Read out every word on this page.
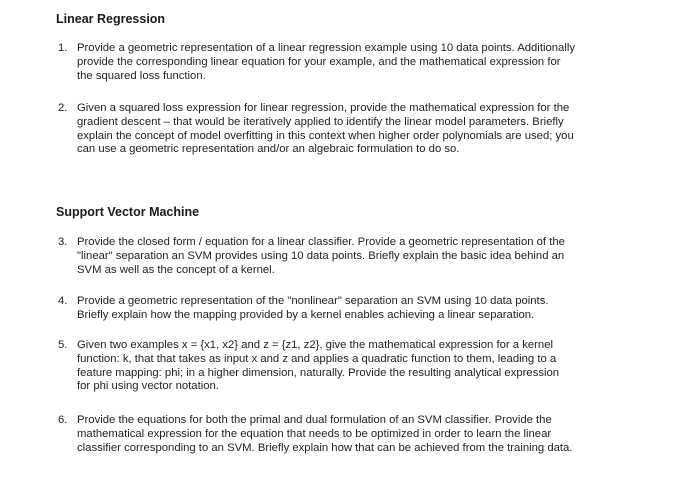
Linear Regression
1. Provide a geometric representation of a linear regression example using 10 data points. Additionally
provide the corresponding linear equation for your example, and the mathematical expression for
the squared loss function.
2. Given a squared loss expression for linear regression, provide the mathematical expression for the
gradient descent – that would be iteratively applied to identify the linear model parameters. Briefly
explain the concept of model overfitting in this context when higher order polynomials are used; you
can use a geometric representation and/or an algebraic formulation to do so.
Support Vector Machine
3. Provide the closed form / equation for a linear classifier. Provide a geometric representation of the
"linear" separation an SVM provides using 10 data points. Briefly explain the basic idea behind an
SVM as well as the concept of a kernel.
4. Provide a geometric representation of the "nonlinear" separation an SVM using 10 data points.
Briefly explain how the mapping provided by a kernel enables achieving a linear separation.
5. Given two examples x = {x1, x2} and z = {z1, z2}, give the mathematical expression for a kernel
function: k, that that takes as input x and z and applies a quadratic function to them, leading to a
feature mapping: phi; in a higher dimension, naturally. Provide the resulting analytical expression
for phi using vector notation.
6. Provide the equations for both the primal and dual formulation of an SVM classifier. Provide the
mathematical expression for the equation that needs to be optimized in order to learn the linear
classifier corresponding to an SVM. Briefly explain how that can be achieved from the training data.
